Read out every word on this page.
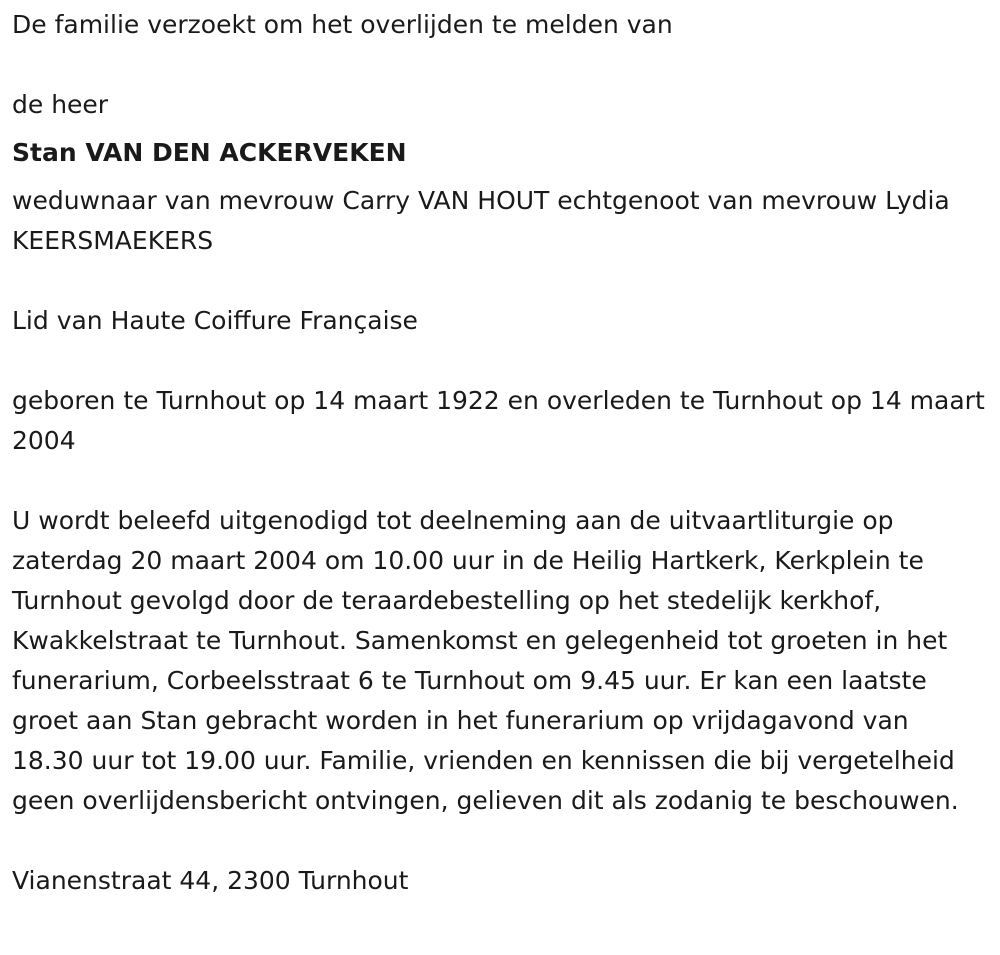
De familie verzoekt om het overlijden te melden van

de heer

Stan VAN DEN ACKERVEKEN

weduwnaar van mevrouw Carry VAN HOUT echtgenoot van mevrouw Lydia KEERSMAEKERS

Lid van Haute Coiffure Française

geboren te Turnhout op 14 maart 1922 en overleden te Turnhout op 14 maart 2004

U wordt beleefd uitgenodigd tot deelneming aan de uitvaartliturgie op zaterdag 20 maart 2004 om 10.00 uur in de Heilig Hartkerk, Kerkplein te Turnhout gevolgd door de teraardebestelling op het stedelijk kerkhof, Kwakkelstraat te Turnhout. Samenkomst en gelegenheid tot groeten in het funerarium, Corbeelsstraat 6 te Turnhout om 9.45 uur. Er kan een laatste groet aan Stan gebracht worden in het funerarium op vrijdagavond van 18.30 uur tot 19.00 uur. Familie, vrienden en kennissen die bij vergetelheid geen overlijdensbericht ontvingen, gelieven dit als zodanig te beschouwen.

Vianenstraat 44, 2300 Turnhout
